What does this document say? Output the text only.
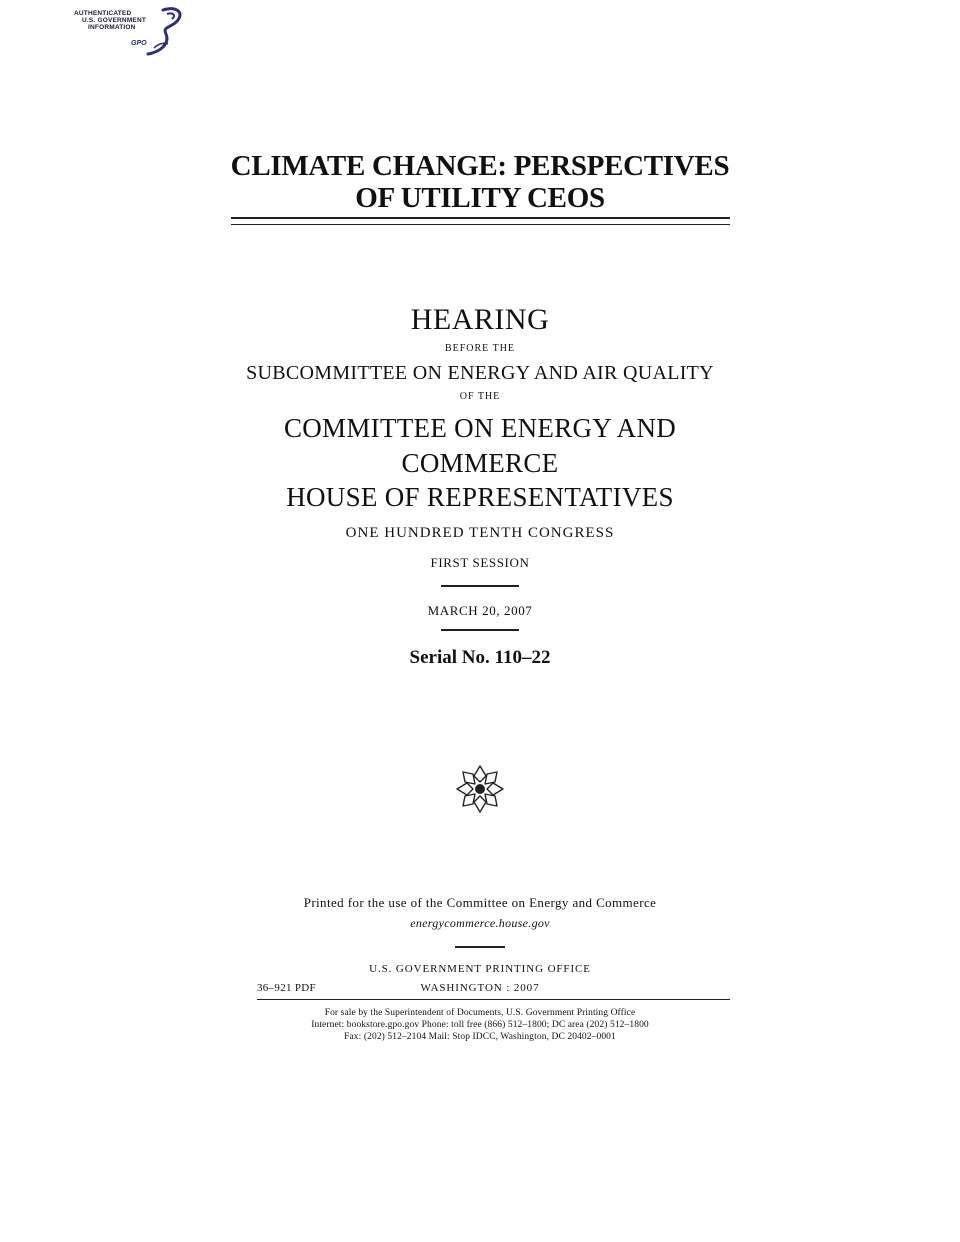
AUTHENTICATED
U.S. GOVERNMENT
INFORMATION
GPO
CLIMATE CHANGE: PERSPECTIVES
OF UTILITY CEOS
HEARING
BEFORE THE
SUBCOMMITTEE ON ENERGY AND AIR QUALITY
OF THE
COMMITTEE ON ENERGY AND
COMMERCE
HOUSE OF REPRESENTATIVES
ONE HUNDRED TENTH CONGRESS
FIRST SESSION
MARCH 20, 2007
Serial No. 110–22
Printed for the use of the Committee on Energy and Commerce
energycommerce.house.gov
U.S. GOVERNMENT PRINTING OFFICE
36–921 PDF	WASHINGTON : 2007
For sale by the Superintendent of Documents, U.S. Government Printing Office
Internet: bookstore.gpo.gov Phone: toll free (866) 512–1800; DC area (202) 512–1800
Fax: (202) 512–2104 Mail: Stop IDCC, Washington, DC 20402–0001
